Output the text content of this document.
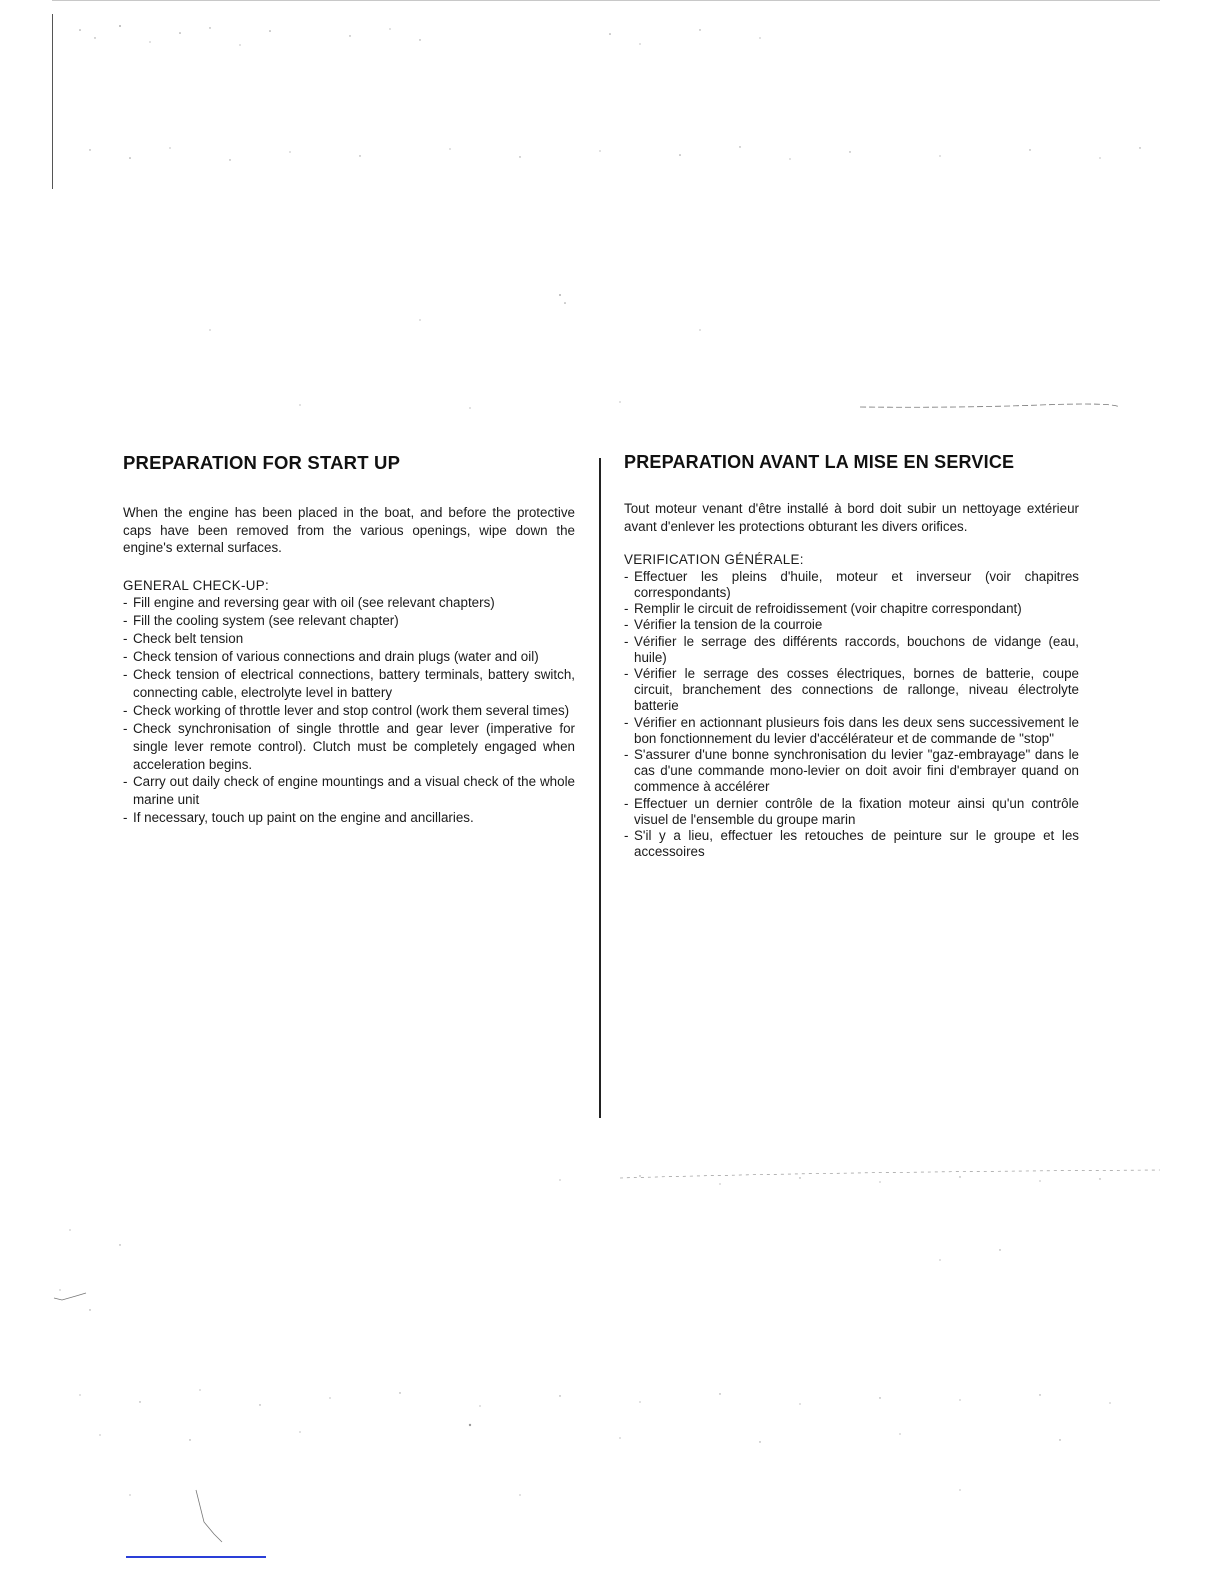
PREPARATION FOR START UP

When the engine has been placed in the boat, and before the protective caps have been removed from the various openings, wipe down the engine's external surfaces.

GENERAL CHECK-UP:

- Fill engine and reversing gear with oil (see relevant chapters)
- Fill the cooling system (see relevant chapter)
- Check belt tension
- Check tension of various connections and drain plugs (water and oil)
- Check tension of electrical connections, battery terminals, battery switch, connecting cable, electrolyte level in battery
- Check working of throttle lever and stop control (work them several times)
- Check synchronisation of single throttle and gear lever (imperative for single lever remote control). Clutch must be completely engaged when acceleration begins.
- Carry out daily check of engine mountings and a visual check of the whole marine unit
- If necessary, touch up paint on the engine and ancillaries.
PREPARATION AVANT LA MISE EN SERVICE

Tout moteur venant d'être installé à bord doit subir un nettoyage extérieur avant d'enlever les protections obturant les divers orifices.

VERIFICATION GÉNÉRALE:

- Effectuer les pleins d'huile, moteur et inverseur (voir chapitres correspondants)
- Remplir le circuit de refroidissement (voir chapitre correspondant)
- Vérifier la tension de la courroie
- Vérifier le serrage des différents raccords, bouchons de vidange (eau, huile)
- Vérifier le serrage des cosses électriques, bornes de batterie, coupe circuit, branchement des connections de rallonge, niveau électrolyte batterie
- Vérifier en actionnant plusieurs fois dans les deux sens successivement le bon fonctionnement du levier d'accélérateur et de commande de "stop"
- S'assurer d'une bonne synchronisation du levier "gaz-embrayage" dans le cas d'une commande mono-levier on doit avoir fini d'embrayer quand on commence à accélérer
- Effectuer un dernier contrôle de la fixation moteur ainsi qu'un contrôle visuel de l'ensemble du groupe marin
- S'il y a lieu, effectuer les retouches de peinture sur le groupe et les accessoires
